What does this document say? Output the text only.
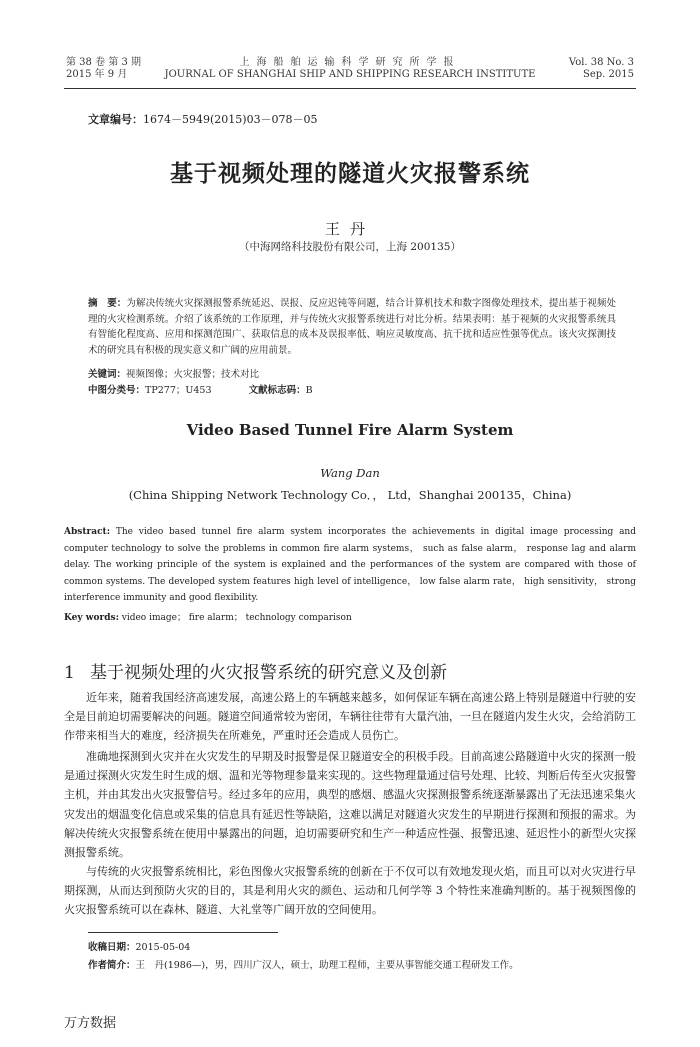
第 38 卷 第 3 期
2015 年 9 月
上海船舶运输科学研究所学报
JOURNAL OF SHANGHAI SHIP AND SHIPPING RESEARCH INSTITUTE
Vol. 38 No. 3
Sep. 2015
文章编号：1674－5949(2015)03－078－05
基于视频处理的隧道火灾报警系统
王丹
（中海网络科技股份有限公司，上海 200135）
摘　要：为解决传统火灾探测报警系统延迟、误报、反应迟钝等问题，结合计算机技术和数字图像处理技术，提出基于视频处理的火灾检测系统。介绍了该系统的工作原理，并与传统火灾报警系统进行对比分析。结果表明：基于视频的火灾报警系统具有智能化程度高、应用和探测范围广、获取信息的成本及误报率低、响应灵敏度高、抗干扰和适应性强等优点。该火灾探测技术的研究具有积极的现实意义和广阔的应用前景。
关键词：视频图像；火灾报警；技术对比
中图分类号：TP277；U453	文献标志码：B
Video Based Tunnel Fire Alarm System
Wang Dan
(China Shipping Network Technology Co．， Ltd，Shanghai 200135，China)
Abstract: The video based tunnel fire alarm system incorporates the achievements in digital image processing and computer technology to solve the problems in common fire alarm systems， such as false alarm， response lag and alarm delay. The working principle of the system is explained and the performances of the system are compared with those of common systems. The developed system features high level of intelligence， low false alarm rate， high sensitivity， strong interference immunity and good flexibility.
Key words: video image； fire alarm； technology comparison
1 基于视频处理的火灾报警系统的研究意义及创新
近年来，随着我国经济高速发展，高速公路上的车辆越来越多，如何保证车辆在高速公路上特别是隧道中行驶的安全是目前迫切需要解决的问题。隧道空间通常较为密闭，车辆往往带有大量汽油，一旦在隧道内发生火灾，会给消防工作带来相当大的难度，经济损失在所难免，严重时还会造成人员伤亡。
准确地探测到火灾并在火灾发生的早期及时报警是保卫隧道安全的积极手段。目前高速公路隧道中火灾的探测一般是通过探测火灾发生时生成的烟、温和光等物理参量来实现的。这些物理量通过信号处理、比较、判断后传至火灾报警主机，并由其发出火灾报警信号。经过多年的应用，典型的感烟、感温火灾探测报警系统逐渐暴露出了无法迅速采集火灾发出的烟温变化信息或采集的信息具有延迟性等缺陷，这难以满足对隧道火灾发生的早期进行探测和预报的需求。为解决传统火灾报警系统在使用中暴露出的问题，迫切需要研究和生产一种适应性强、报警迅速、延迟性小的新型火灾探测报警系统。
与传统的火灾报警系统相比，彩色图像火灾报警系统的创新在于不仅可以有效地发现火焰，而且可以对火灾进行早期探测，从而达到预防火灾的目的，其是利用火灾的颜色、运动和几何学等 3 个特性来准确判断的。基于视频图像的火灾报警系统可以在森林、隧道、大礼堂等广阔开放的空间使用。
收稿日期：2015-05-04
作者简介：王　丹(1986—)，男，四川广汉人，硕士，助理工程师，主要从事智能交通工程研发工作。
万方数据
